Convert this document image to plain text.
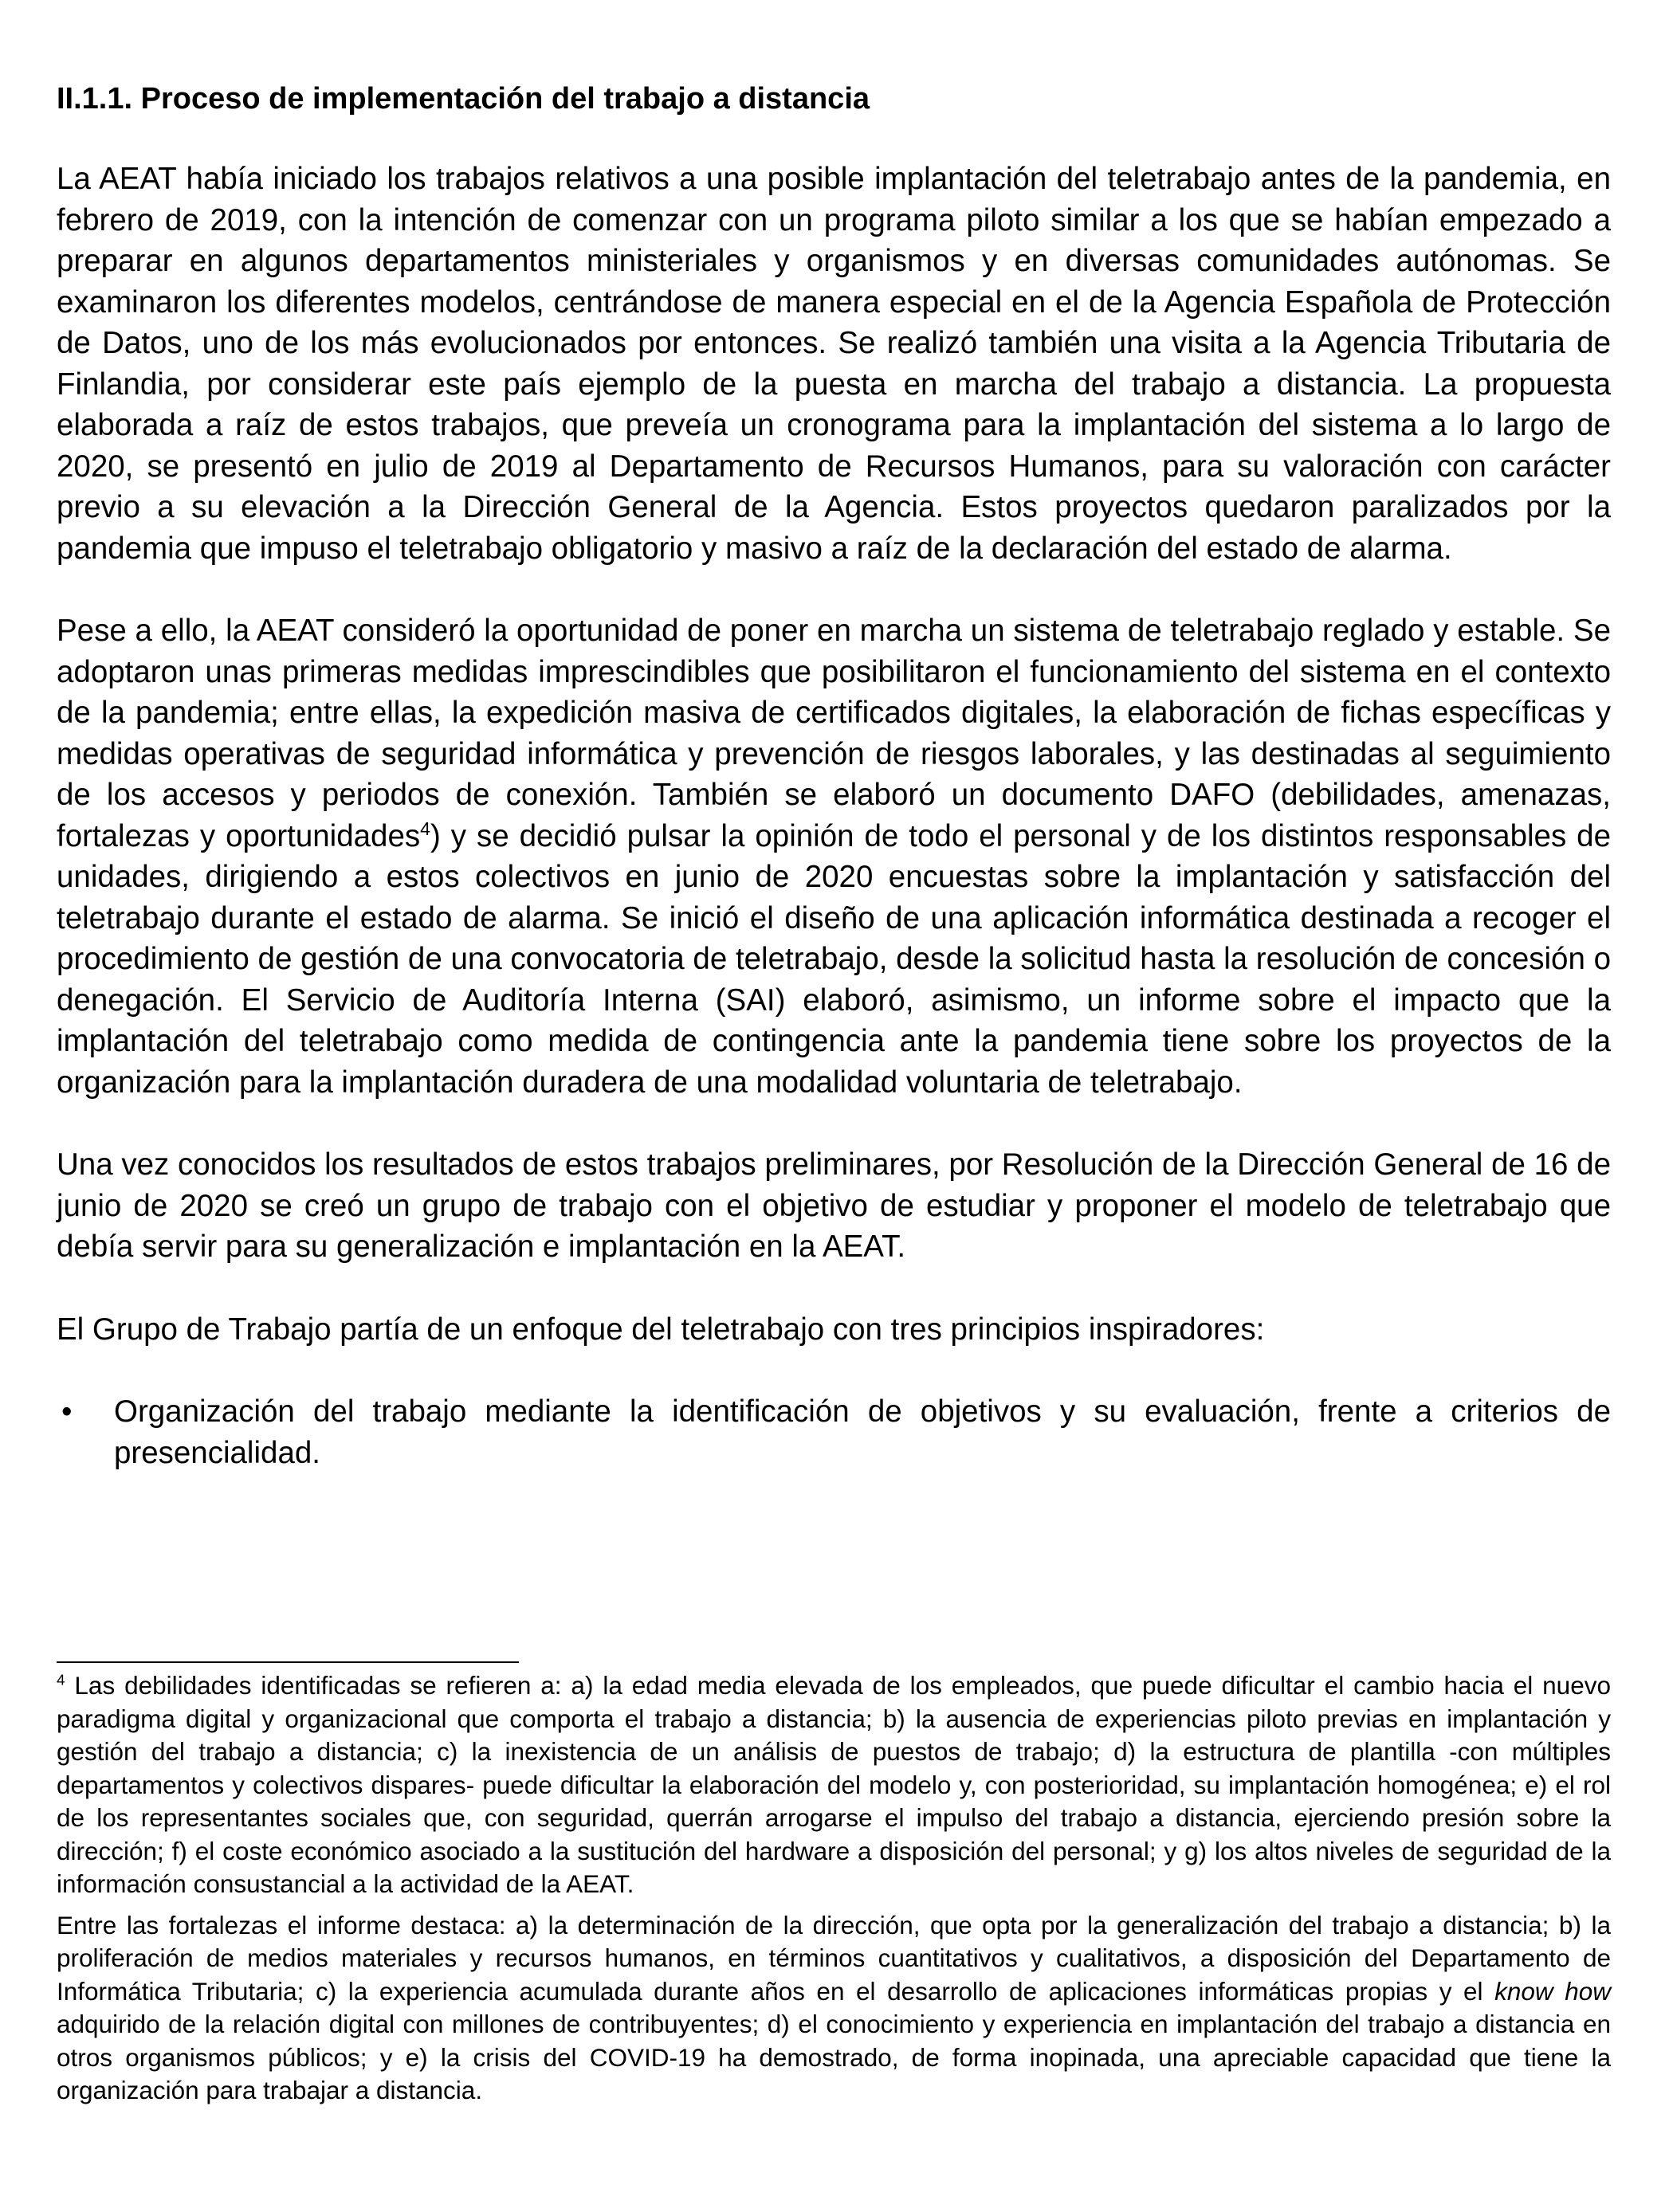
II.1.1. Proceso de implementación del trabajo a distancia

La AEAT había iniciado los trabajos relativos a una posible implantación del teletrabajo antes de la pandemia, en febrero de 2019, con la intención de comenzar con un programa piloto similar a los que se habían empezado a preparar en algunos departamentos ministeriales y organismos y en diversas comunidades autónomas. Se examinaron los diferentes modelos, centrándose de manera especial en el de la Agencia Española de Protección de Datos, uno de los más evolucionados por entonces. Se realizó también una visita a la Agencia Tributaria de Finlandia, por considerar este país ejemplo de la puesta en marcha del trabajo a distancia. La propuesta elaborada a raíz de estos trabajos, que preveía un cronograma para la implantación del sistema a lo largo de 2020, se presentó en julio de 2019 al Departamento de Recursos Humanos, para su valoración con carácter previo a su elevación a la Dirección General de la Agencia. Estos proyectos quedaron paralizados por la pandemia que impuso el teletrabajo obligatorio y masivo a raíz de la declaración del estado de alarma.

Pese a ello, la AEAT consideró la oportunidad de poner en marcha un sistema de teletrabajo reglado y estable. Se adoptaron unas primeras medidas imprescindibles que posibilitaron el funcionamiento del sistema en el contexto de la pandemia; entre ellas, la expedición masiva de certificados digitales, la elaboración de fichas específicas y medidas operativas de seguridad informática y prevención de riesgos laborales, y las destinadas al seguimiento de los accesos y periodos de conexión. También se elaboró un documento DAFO (debilidades, amenazas, fortalezas y oportunidades$^4$) y se decidió pulsar la opinión de todo el personal y de los distintos responsables de unidades, dirigiendo a estos colectivos en junio de 2020 encuestas sobre la implantación y satisfacción del teletrabajo durante el estado de alarma. Se inició el diseño de una aplicación informática destinada a recoger el procedimiento de gestión de una convocatoria de teletrabajo, desde la solicitud hasta la resolución de concesión o denegación. El Servicio de Auditoría Interna (SAI) elaboró, asimismo, un informe sobre el impacto que la implantación del teletrabajo como medida de contingencia ante la pandemia tiene sobre los proyectos de la organización para la implantación duradera de una modalidad voluntaria de teletrabajo.

Una vez conocidos los resultados de estos trabajos preliminares, por Resolución de la Dirección General de 16 de junio de 2020 se creó un grupo de trabajo con el objetivo de estudiar y proponer el modelo de teletrabajo que debía servir para su generalización e implantación en la AEAT.

El Grupo de Trabajo partía de un enfoque del teletrabajo con tres principios inspiradores:

• Organización del trabajo mediante la identificación de objetivos y su evaluación, frente a criterios de presencialidad.

$^4$ Las debilidades identificadas se refieren a: a) la edad media elevada de los empleados, que puede dificultar el cambio hacia el nuevo paradigma digital y organizacional que comporta el trabajo a distancia; b) la ausencia de experiencias piloto previas en implantación y gestión del trabajo a distancia; c) la inexistencia de un análisis de puestos de trabajo; d) la estructura de plantilla -con múltiples departamentos y colectivos dispares- puede dificultar la elaboración del modelo y, con posterioridad, su implantación homogénea; e) el rol de los representantes sociales que, con seguridad, querrán arrogarse el impulso del trabajo a distancia, ejerciendo presión sobre la dirección; f) el coste económico asociado a la sustitución del hardware a disposición del personal; y g) los altos niveles de seguridad de la información consustancial a la actividad de la AEAT.

Entre las fortalezas el informe destaca: a) la determinación de la dirección, que opta por la generalización del trabajo a distancia; b) la proliferación de medios materiales y recursos humanos, en términos cuantitativos y cualitativos, a disposición del Departamento de Informática Tributaria; c) la experiencia acumulada durante años en el desarrollo de aplicaciones informáticas propias y el know how adquirido de la relación digital con millones de contribuyentes; d) el conocimiento y experiencia en implantación del trabajo a distancia en otros organismos públicos; y e) la crisis del COVID-19 ha demostrado, de forma inopinada, una apreciable capacidad que tiene la organización para trabajar a distancia.
